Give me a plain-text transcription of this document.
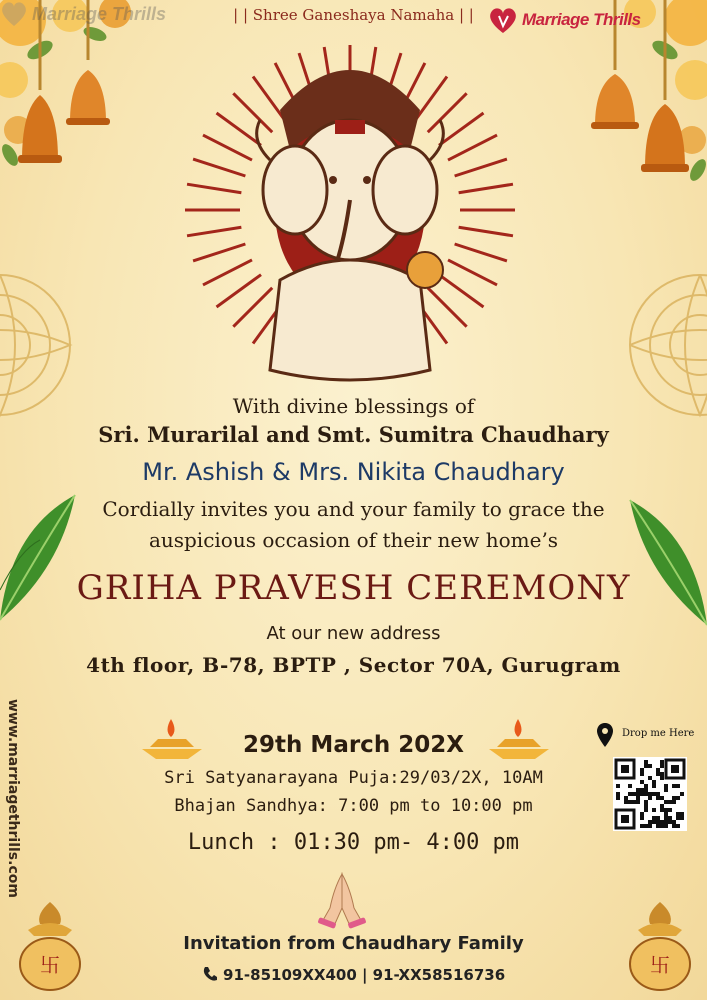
Marriage Thrills	| | Shree Ganeshaya Namaha | |	Marriage Thrills
With divine blessings of
Sri. Murarilal and Smt. Sumitra Chaudhary
Mr. Ashish & Mrs. Nikita Chaudhary
Cordially invites you and your family to grace the
auspicious occasion of their new home’s
GRIHA PRAVESH CEREMONY
At our new address
4th floor, B-78, BPTP , Sector 70A, Gurugram
29th March 202X
Sri Satyanarayana Puja:29/03/2X, 10AM
Bhajan Sandhya: 7:00 pm to 10:00 pm
Lunch : 01:30 pm- 4:00 pm
Drop me Here
卐	卐
Invitation from Chaudhary Family
91-85109XX400 | 91-XX58516736
www.marriagethrills.com
